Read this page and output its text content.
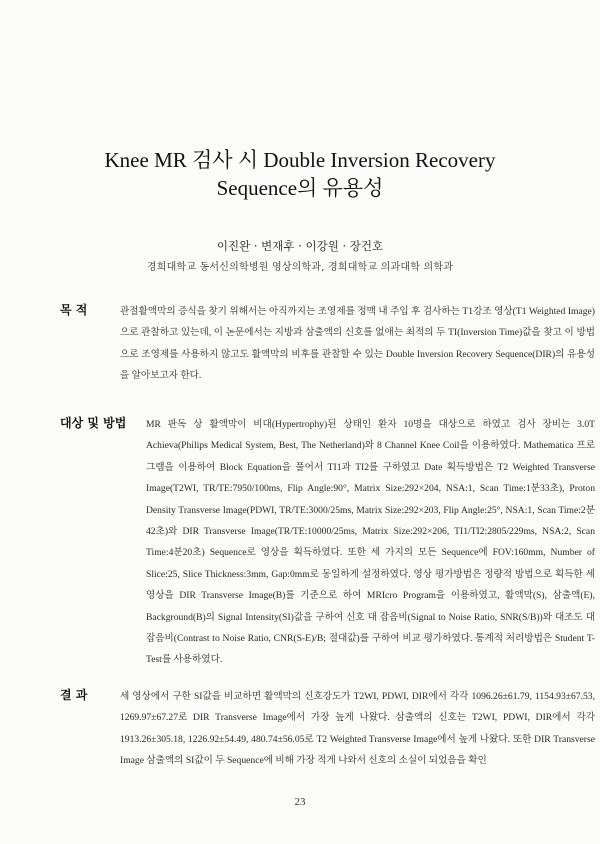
Knee MR 검사 시 Double Inversion Recovery
Sequence의 유용성
이진완 · 변재후 · 이강원 · 장건호
경희대학교 동서신의학병원 영상의학과, 경희대학교 의과대학 의학과
목 적	관절활액막의 증식을 찾기 위해서는 아직까지는 조영제를 정맥 내 주입 후 검사하는 T1강조 영상(T1 Weighted Image)으로 관찰하고 있는데, 이 논문에서는 지방과 삼출액의 신호를 없애는 최적의 두 TI(Inversion Time)값을 찾고 이 방법으로 조영제를 사용하지 않고도 활액막의 비후를 관찰할 수 있는 Double Inversion Recovery Sequence(DIR)의 유용성을 알아보고자 한다.

대상 및 방법 MR 판독 상 활액막이 비대(Hypertrophy)된 상태인 환자 10명을 대상으로 하였고 검사 장비는 3.0T Achieva(Philips Medical System, Best, The Netherland)와 8 Channel Knee Coil을 이용하였다. Mathematica 프로그램을 이용하여 Block Equation을 풀어서 TI1과 TI2를 구하였고 Date 획득방법은 T2 Weighted Transverse Image(T2WI, TR/TE:7950/100ms, Flip Angle:90°, Matrix Size:292×204, NSA:1, Scan Time:1분33초), Proton Density Transverse Image(PDWI, TR/TE:3000/25ms, Matrix Size:292×203, Flip Angle:25°, NSA:1, Scan Time:2분 42초)와 DIR Transverse Image(TR/TE:10000/25ms, Matrix Size:292×206, TI1/TI2:2805/229ms, NSA:2, Scan Time:4분20초) Sequence로 영상을 획득하였다. 또한 세 가지의 모든 Sequence에 FOV:160mm, Number of Slice:25, Slice Thickness:3mm, Gap:0mm로 동일하게 설정하였다. 영상 평가방법은 정량적 방법으로 획득한 세 영상을 DIR Transverse Image(B)를 기준으로 하여 MRIcro Program을 이용하였고, 활액막(S), 삼출액(E), Background(B)의 Signal Intensity(SI)값을 구하여 신호 대 잡음비(Signal to Noise Ratio, SNR(S/B))와 대조도 대 잡음비(Contrast to Noise Ratio, CNR(S-E)/B; 절대값)를 구하여 비교 평가하였다. 통계적 처리방법은 Student T-Test를 사용하였다.

결 과	세 영상에서 구한 SI값을 비교하면 활액막의 신호강도가 T2WI, PDWI, DIR에서 각각 1096.26±61.79, 1154.93±67.53, 1269.97±67.27로 DIR Transverse Image에서 가장 높게 나왔다. 삼출액의 신호는 T2WI, PDWI, DIR에서 각각 1913.26±305.18, 1226.92±54.49, 480.74±56.05로 T2 Weighted Transverse Image에서 높게 나왔다. 또한 DIR Transverse Image 삼출액의 SI값이 두 Sequence에 비해 가장 적게 나와서 신호의 소실이 되었음을 확인

23
